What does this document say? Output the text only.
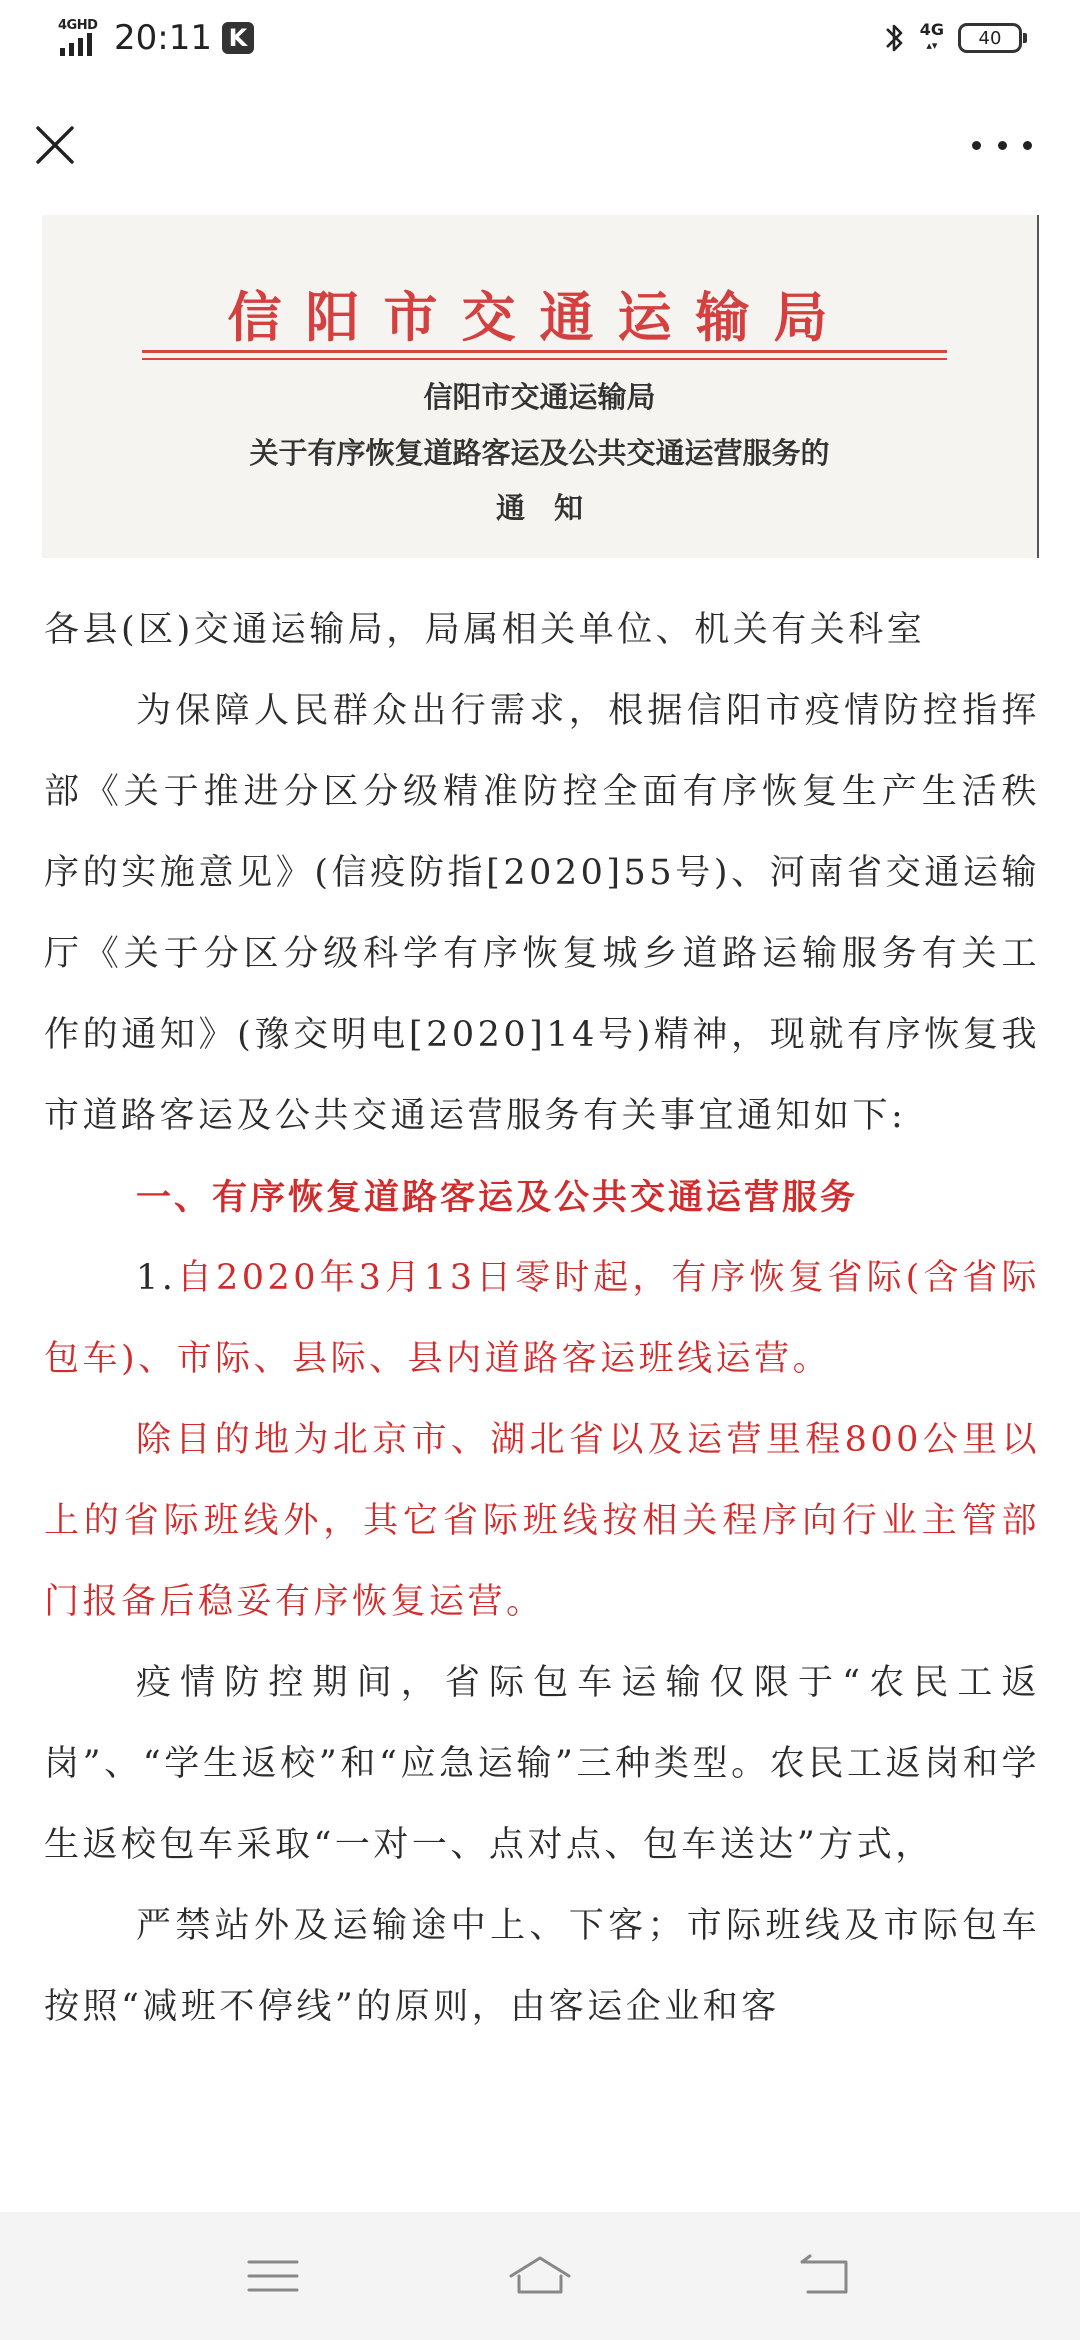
4GHD 20:11 K	4G
▴▾	40
信阳市交通运输局
信阳市交通运输局
关于有序恢复道路客运及公共交通运营服务的
通　知

各县(区)交通运输局，局属相关单位、机关有关科室

为保障人民群众出行需求，根据信阳市疫情防控指挥部《关于推进分区分级精准防控全面有序恢复生产生活秩序的实施意见》(信疫防指[2020]55号)、河南省交通运输厅《关于分区分级科学有序恢复城乡道路运输服务有关工作的通知》(豫交明电[2020]14号)精神，现就有序恢复我市道路客运及公共交通运营服务有关事宜通知如下:

一、有序恢复道路客运及公共交通运营服务

1.自2020年3月13日零时起，有序恢复省际(含省际包车)、市际、县际、县内道路客运班线运营。

除目的地为北京市、湖北省以及运营里程800公里以上的省际班线外，其它省际班线按相关程序向行业主管部门报备后稳妥有序恢复运营。

疫情防控期间，省际包车运输仅限于“农民工返岗”、“学生返校”和“应急运输”三种类型。农民工返岗和学生返校包车采取“一对一、点对点、包车送达”方式，

严禁站外及运输途中上、下客；市际班线及市际包车按照“减班不停线”的原则，由客运企业和客
